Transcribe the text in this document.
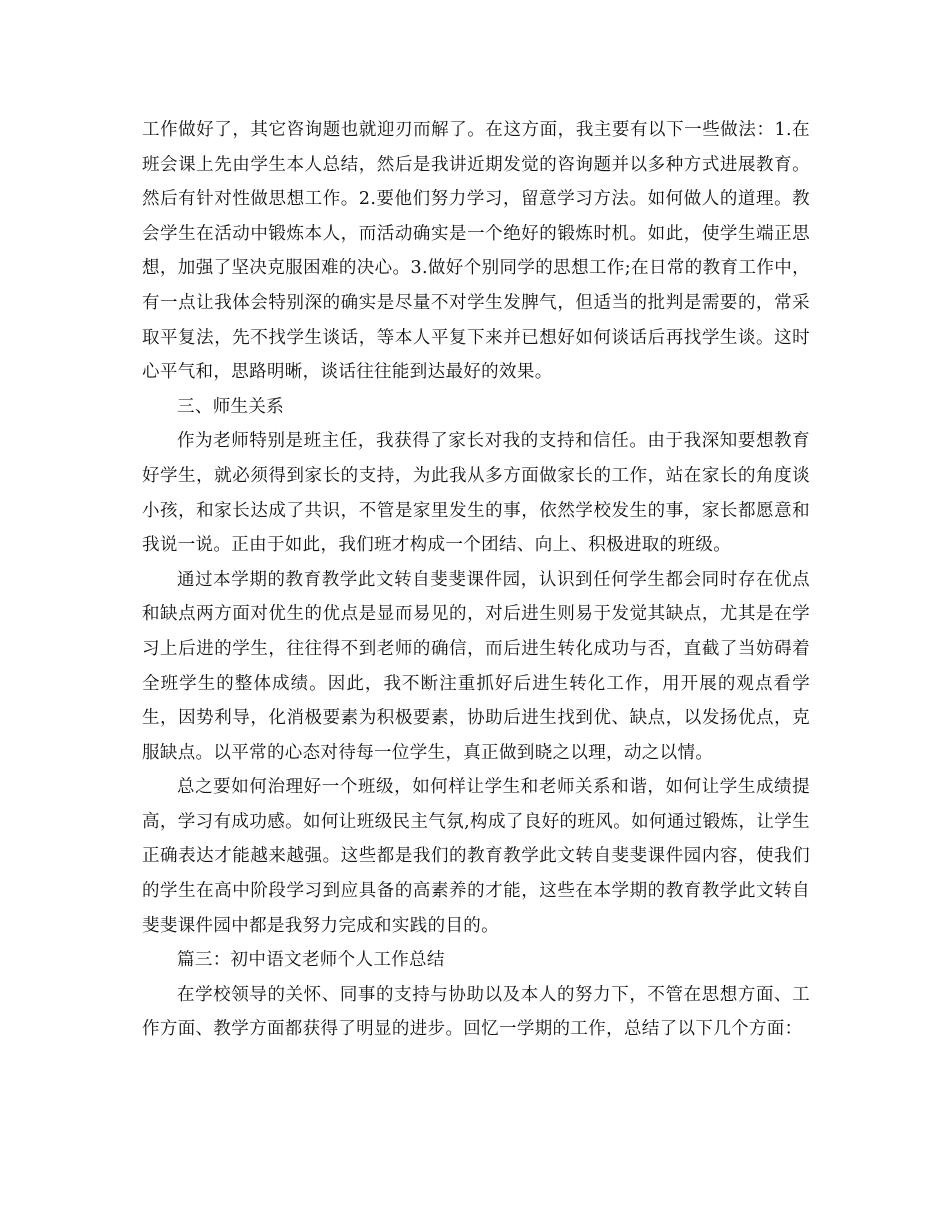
工作做好了，其它咨询题也就迎刃而解了。在这方面，我主要有以下一些做法：1.在班会课上先由学生本人总结，然后是我讲近期发觉的咨询题并以多种方式进展教育。然后有针对性做思想工作。2.要他们努力学习，留意学习方法。如何做人的道理。教会学生在活动中锻炼本人，而活动确实是一个绝好的锻炼时机。如此，使学生端正思想，加强了坚决克服困难的决心。3.做好个别同学的思想工作;在日常的教育工作中，有一点让我体会特别深的确实是尽量不对学生发脾气，但适当的批判是需要的，常采取平复法，先不找学生谈话，等本人平复下来并已想好如何谈话后再找学生谈。这时心平气和，思路明晰，谈话往往能到达最好的效果。

三、师生关系

作为老师特别是班主任，我获得了家长对我的支持和信任。由于我深知要想教育好学生，就必须得到家长的支持，为此我从多方面做家长的工作，站在家长的角度谈小孩，和家长达成了共识，不管是家里发生的事，依然学校发生的事，家长都愿意和我说一说。正由于如此，我们班才构成一个团结、向上、积极进取的班级。

通过本学期的教育教学此文转自斐斐课件园，认识到任何学生都会同时存在优点和缺点两方面对优生的优点是显而易见的，对后进生则易于发觉其缺点，尤其是在学习上后进的学生，往往得不到老师的确信，而后进生转化成功与否，直截了当妨碍着全班学生的整体成绩。因此，我不断注重抓好后进生转化工作，用开展的观点看学生，因势利导，化消极要素为积极要素，协助后进生找到优、缺点，以发扬优点，克服缺点。以平常的心态对待每一位学生，真正做到晓之以理，动之以情。

总之要如何治理好一个班级，如何样让学生和老师关系和谐，如何让学生成绩提高，学习有成功感。如何让班级民主气氛,构成了良好的班风。如何通过锻炼，让学生正确表达才能越来越强。这些都是我们的教育教学此文转自斐斐课件园内容，使我们的学生在高中阶段学习到应具备的高素养的才能，这些在本学期的教育教学此文转自斐斐课件园中都是我努力完成和实践的目的。

篇三：初中语文老师个人工作总结

在学校领导的关怀、同事的支持与协助以及本人的努力下，不管在思想方面、工作方面、教学方面都获得了明显的进步。回忆一学期的工作，总结了以下几个方面：
